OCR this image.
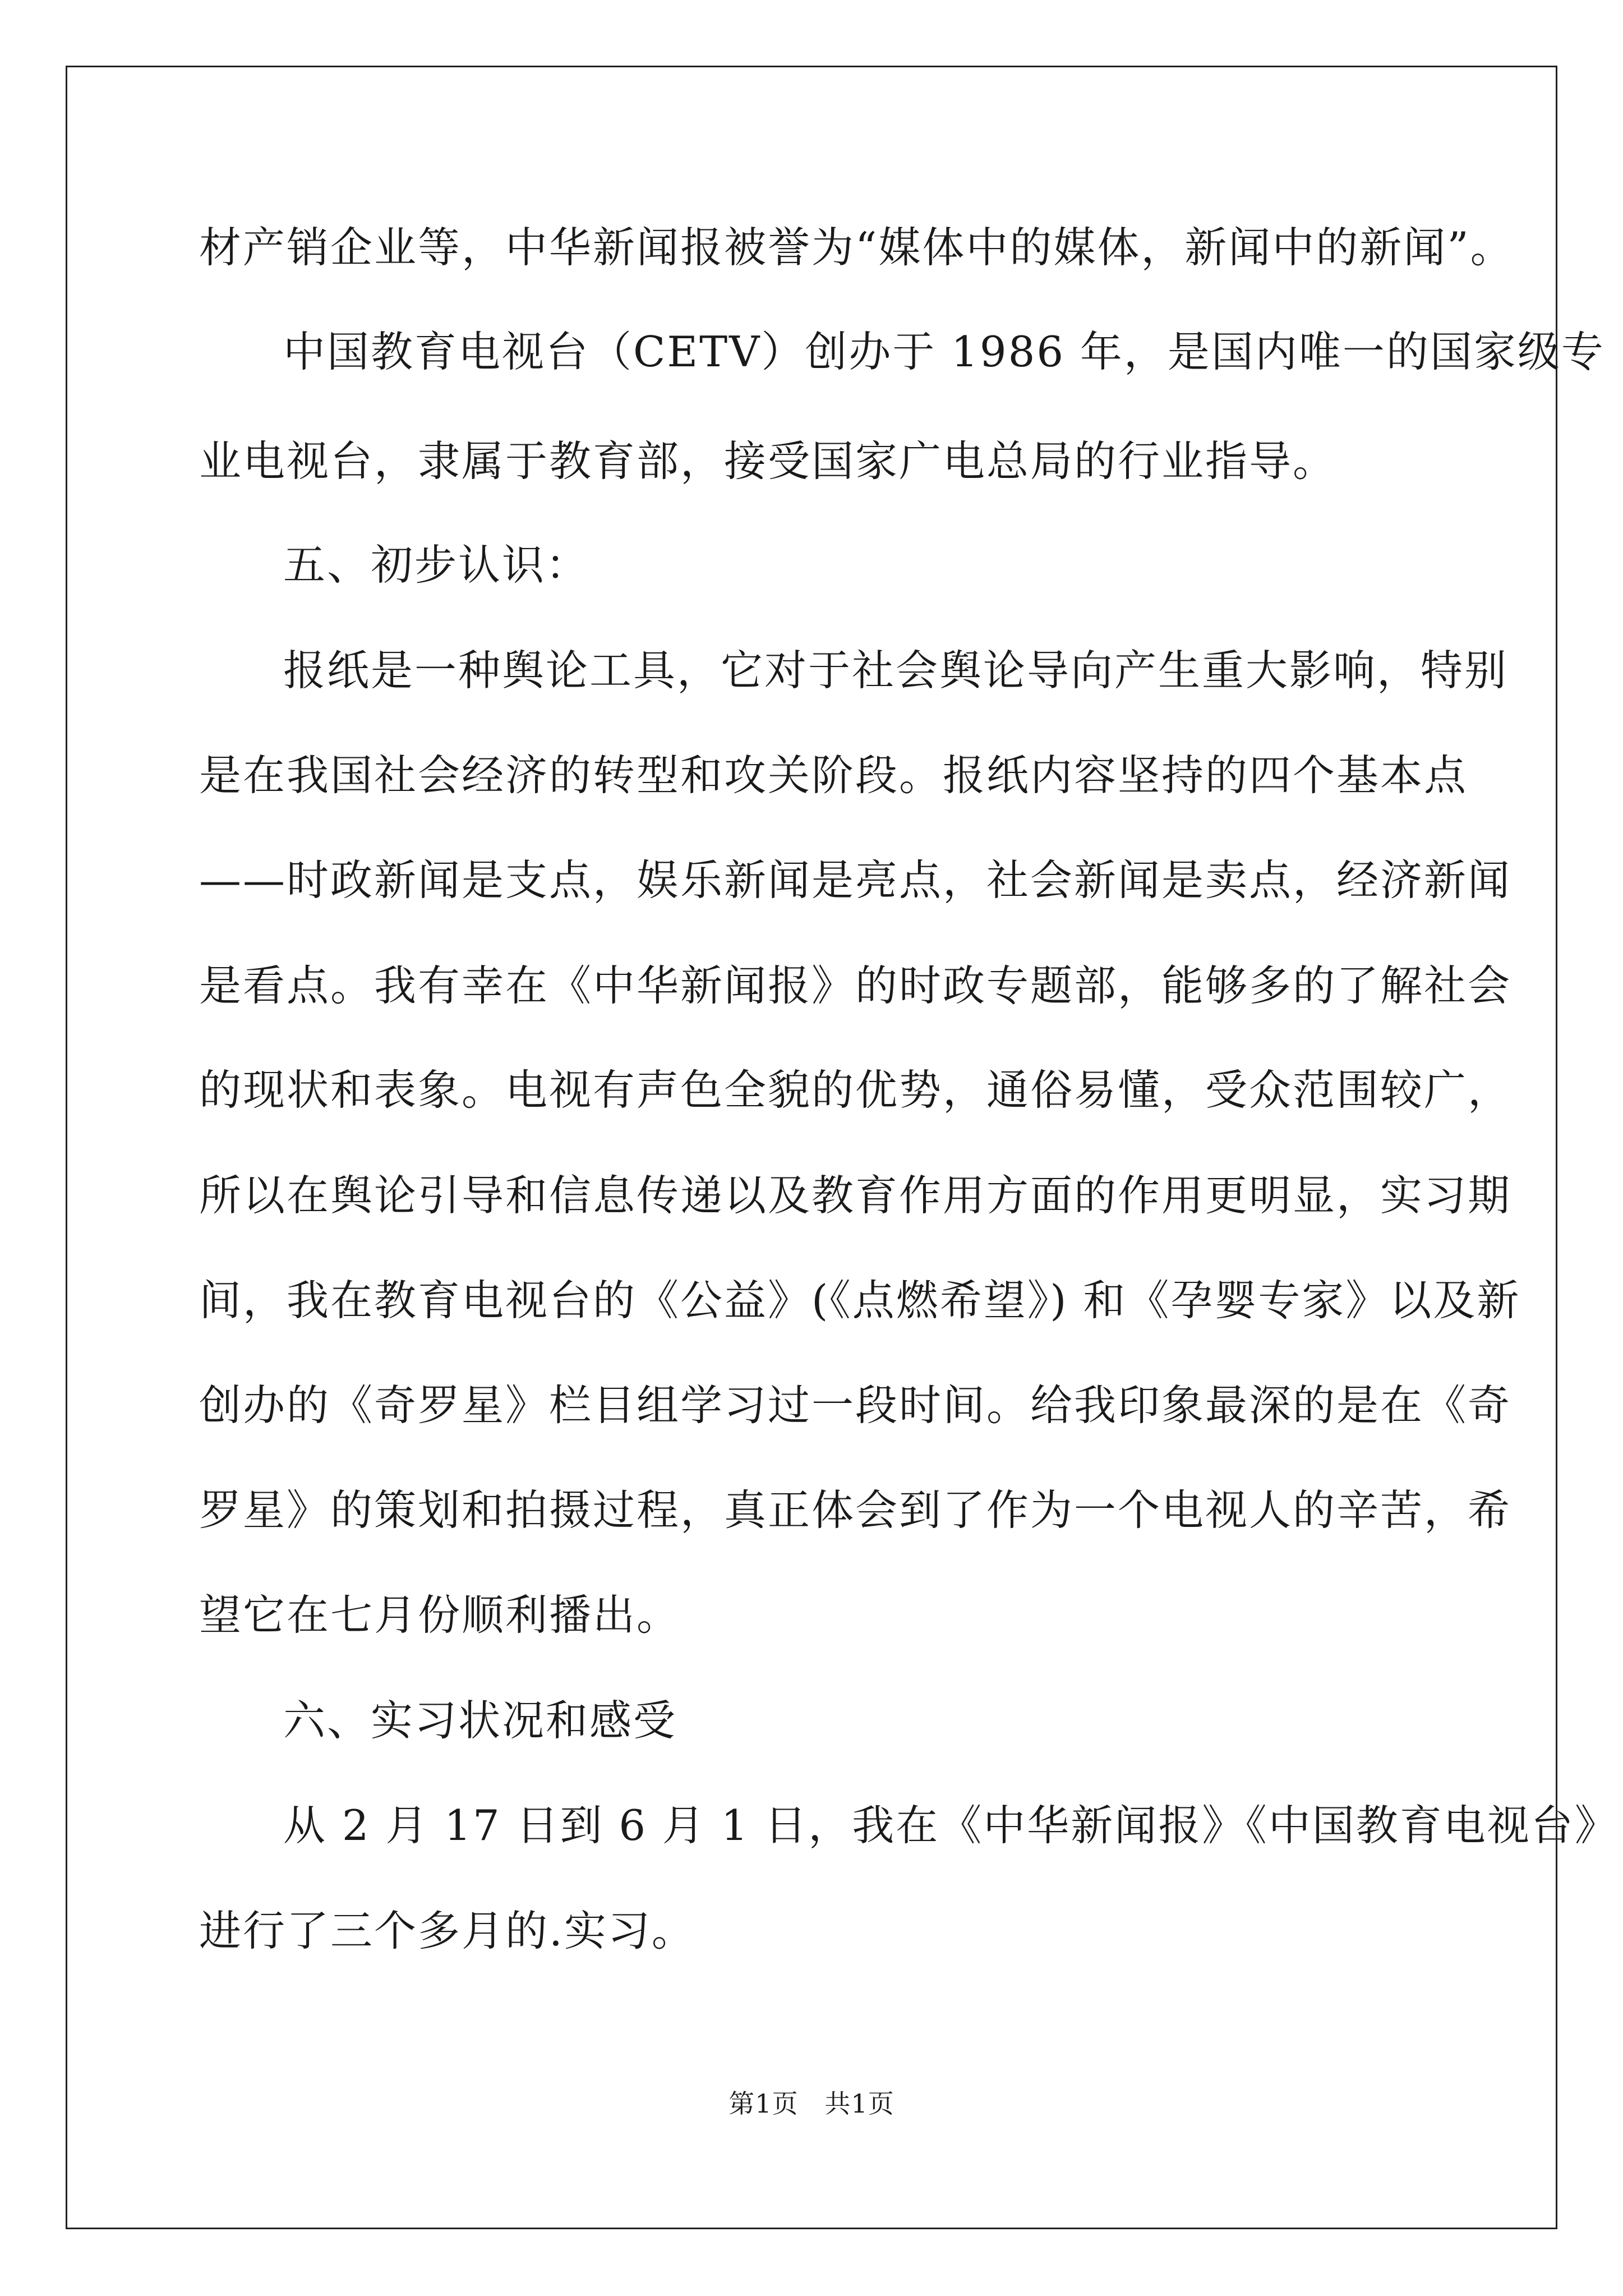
材产销企业等，中华新闻报被誉为“媒体中的媒体，新闻中的新闻”。

中国教育电视台（CETV）创办于 1986 年，是国内唯一的国家级专

业电视台，隶属于教育部，接受国家广电总局的行业指导。

五、初步认识：

报纸是一种舆论工具，它对于社会舆论导向产生重大影响，特别

是在我国社会经济的转型和攻关阶段。报纸内容坚持的四个基本点

——时政新闻是支点，娱乐新闻是亮点，社会新闻是卖点，经济新闻

是看点。我有幸在《中华新闻报》的时政专题部，能够多的了解社会

的现状和表象。电视有声色全貌的优势，通俗易懂，受众范围较广，

所以在舆论引导和信息传递以及教育作用方面的作用更明显，实习期

间，我在教育电视台的《公益》(《点燃希望》) 和《孕婴专家》以及新

创办的《奇罗星》栏目组学习过一段时间。给我印象最深的是在《奇

罗星》的策划和拍摄过程，真正体会到了作为一个电视人的辛苦，希

望它在七月份顺利播出。

六、实习状况和感受

从 2 月 17 日到 6 月 1 日，我在《中华新闻报》《中国教育电视台》

进行了三个多月的.实习。

第1页   共1页
